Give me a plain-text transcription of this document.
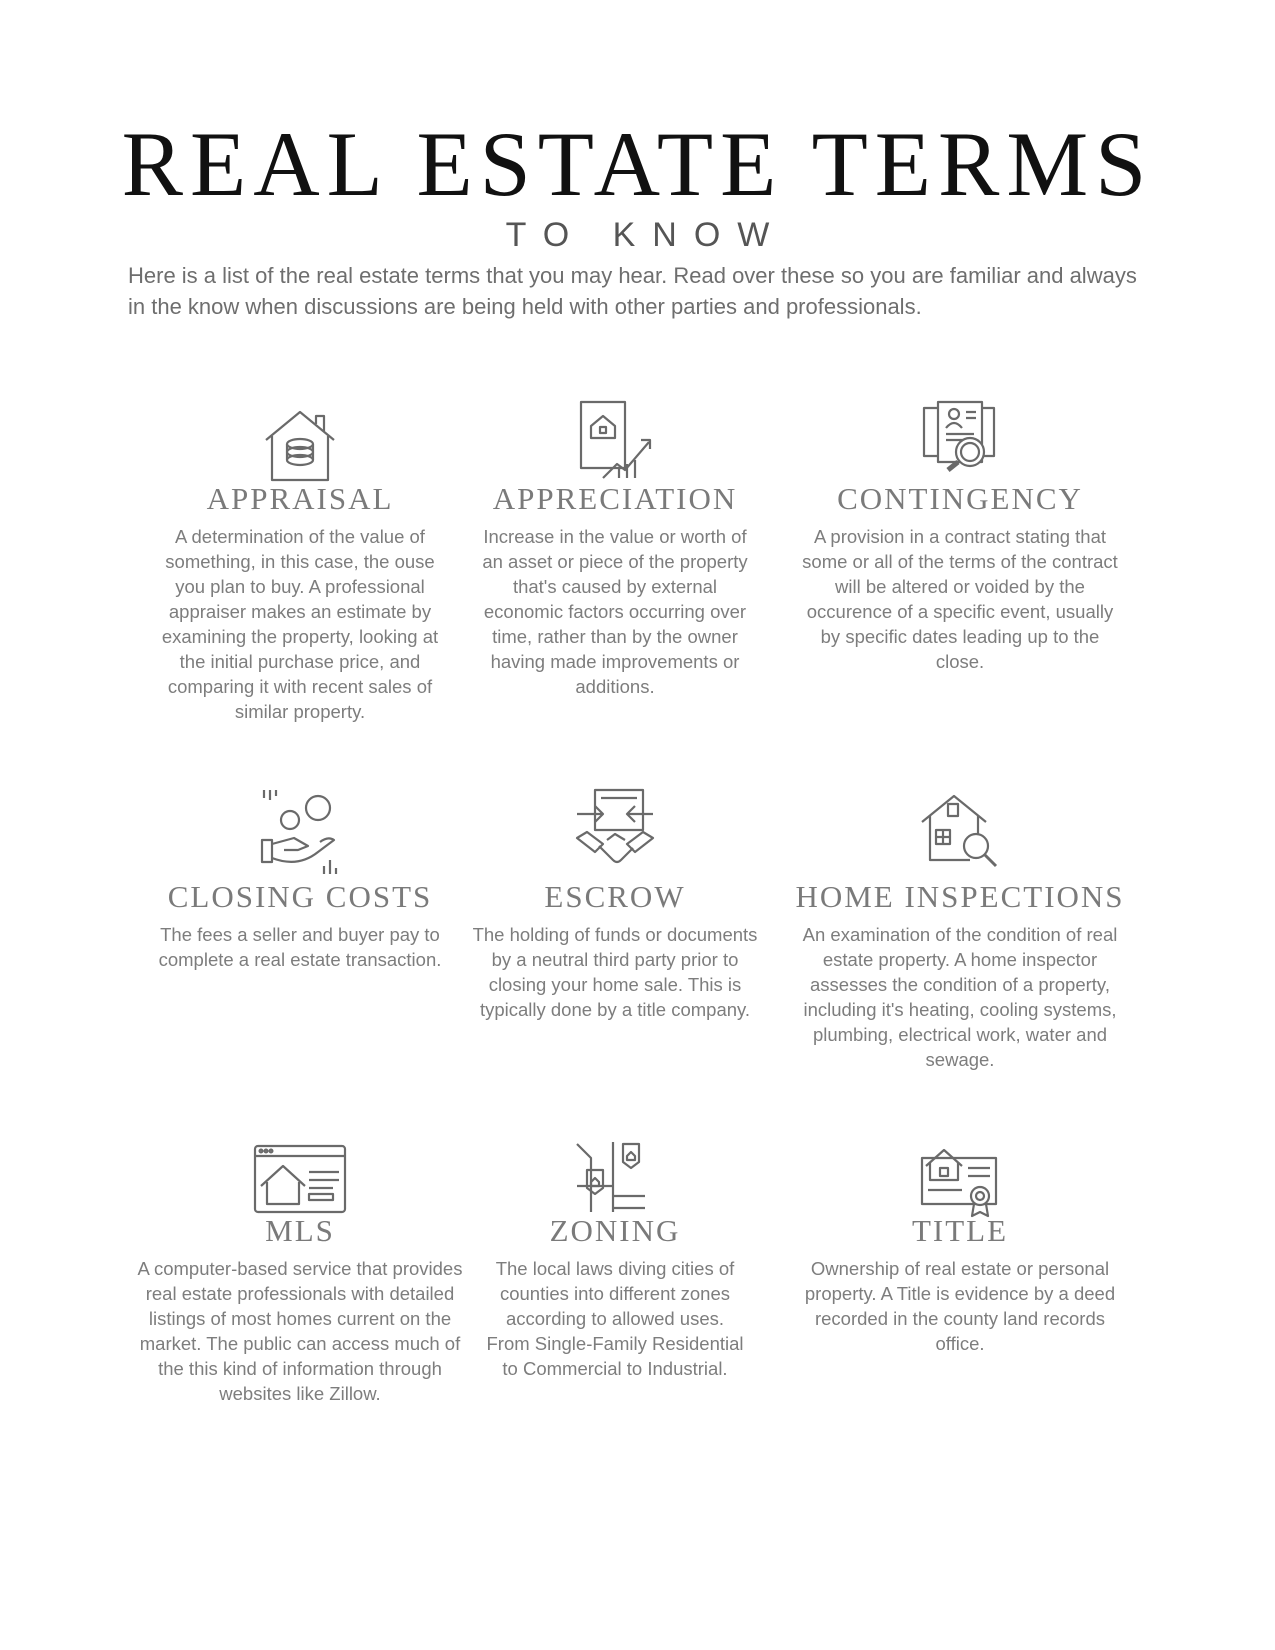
REAL ESTATE TERMS
TO KNOW

Here is a list of the real estate terms that you may hear. Read over these so you are familiar and always in the know when discussions are being held with other parties and professionals.

APPRAISAL

A determination of the value of something, in this case, the ouse you plan to buy. A professional appraiser makes an estimate by examining the property, looking at the initial purchase price, and comparing it with recent sales of similar property.

APPRECIATION

Increase in the value or worth of an asset or piece of the property that's caused by external economic factors occurring over time, rather than by the owner having made improvements or additions.

CONTINGENCY

A provision in a contract stating that some or all of the terms of the contract will be altered or voided by the occurence of a specific event, usually by specific dates leading up to the close.

CLOSING COSTS

The fees a seller and buyer pay to complete a real estate transaction.

ESCROW

The holding of funds or documents by a neutral third party prior to closing your home sale. This is typically done by a title company.

HOME INSPECTIONS

An examination of the condition of real estate property. A home inspector assesses the condition of a property, including it's heating, cooling systems, plumbing, electrical work, water and sewage.

MLS

A computer-based service that provides real estate professionals with detailed listings of most homes current on the market. The public can access much of the this kind of information through websites like Zillow.

ZONING

The local laws diving cities of counties into different zones according to allowed uses. From Single-Family Residential to Commercial to Industrial.

TITLE

Ownership of real estate or personal property. A Title is evidence by a deed recorded in the county land records office.
